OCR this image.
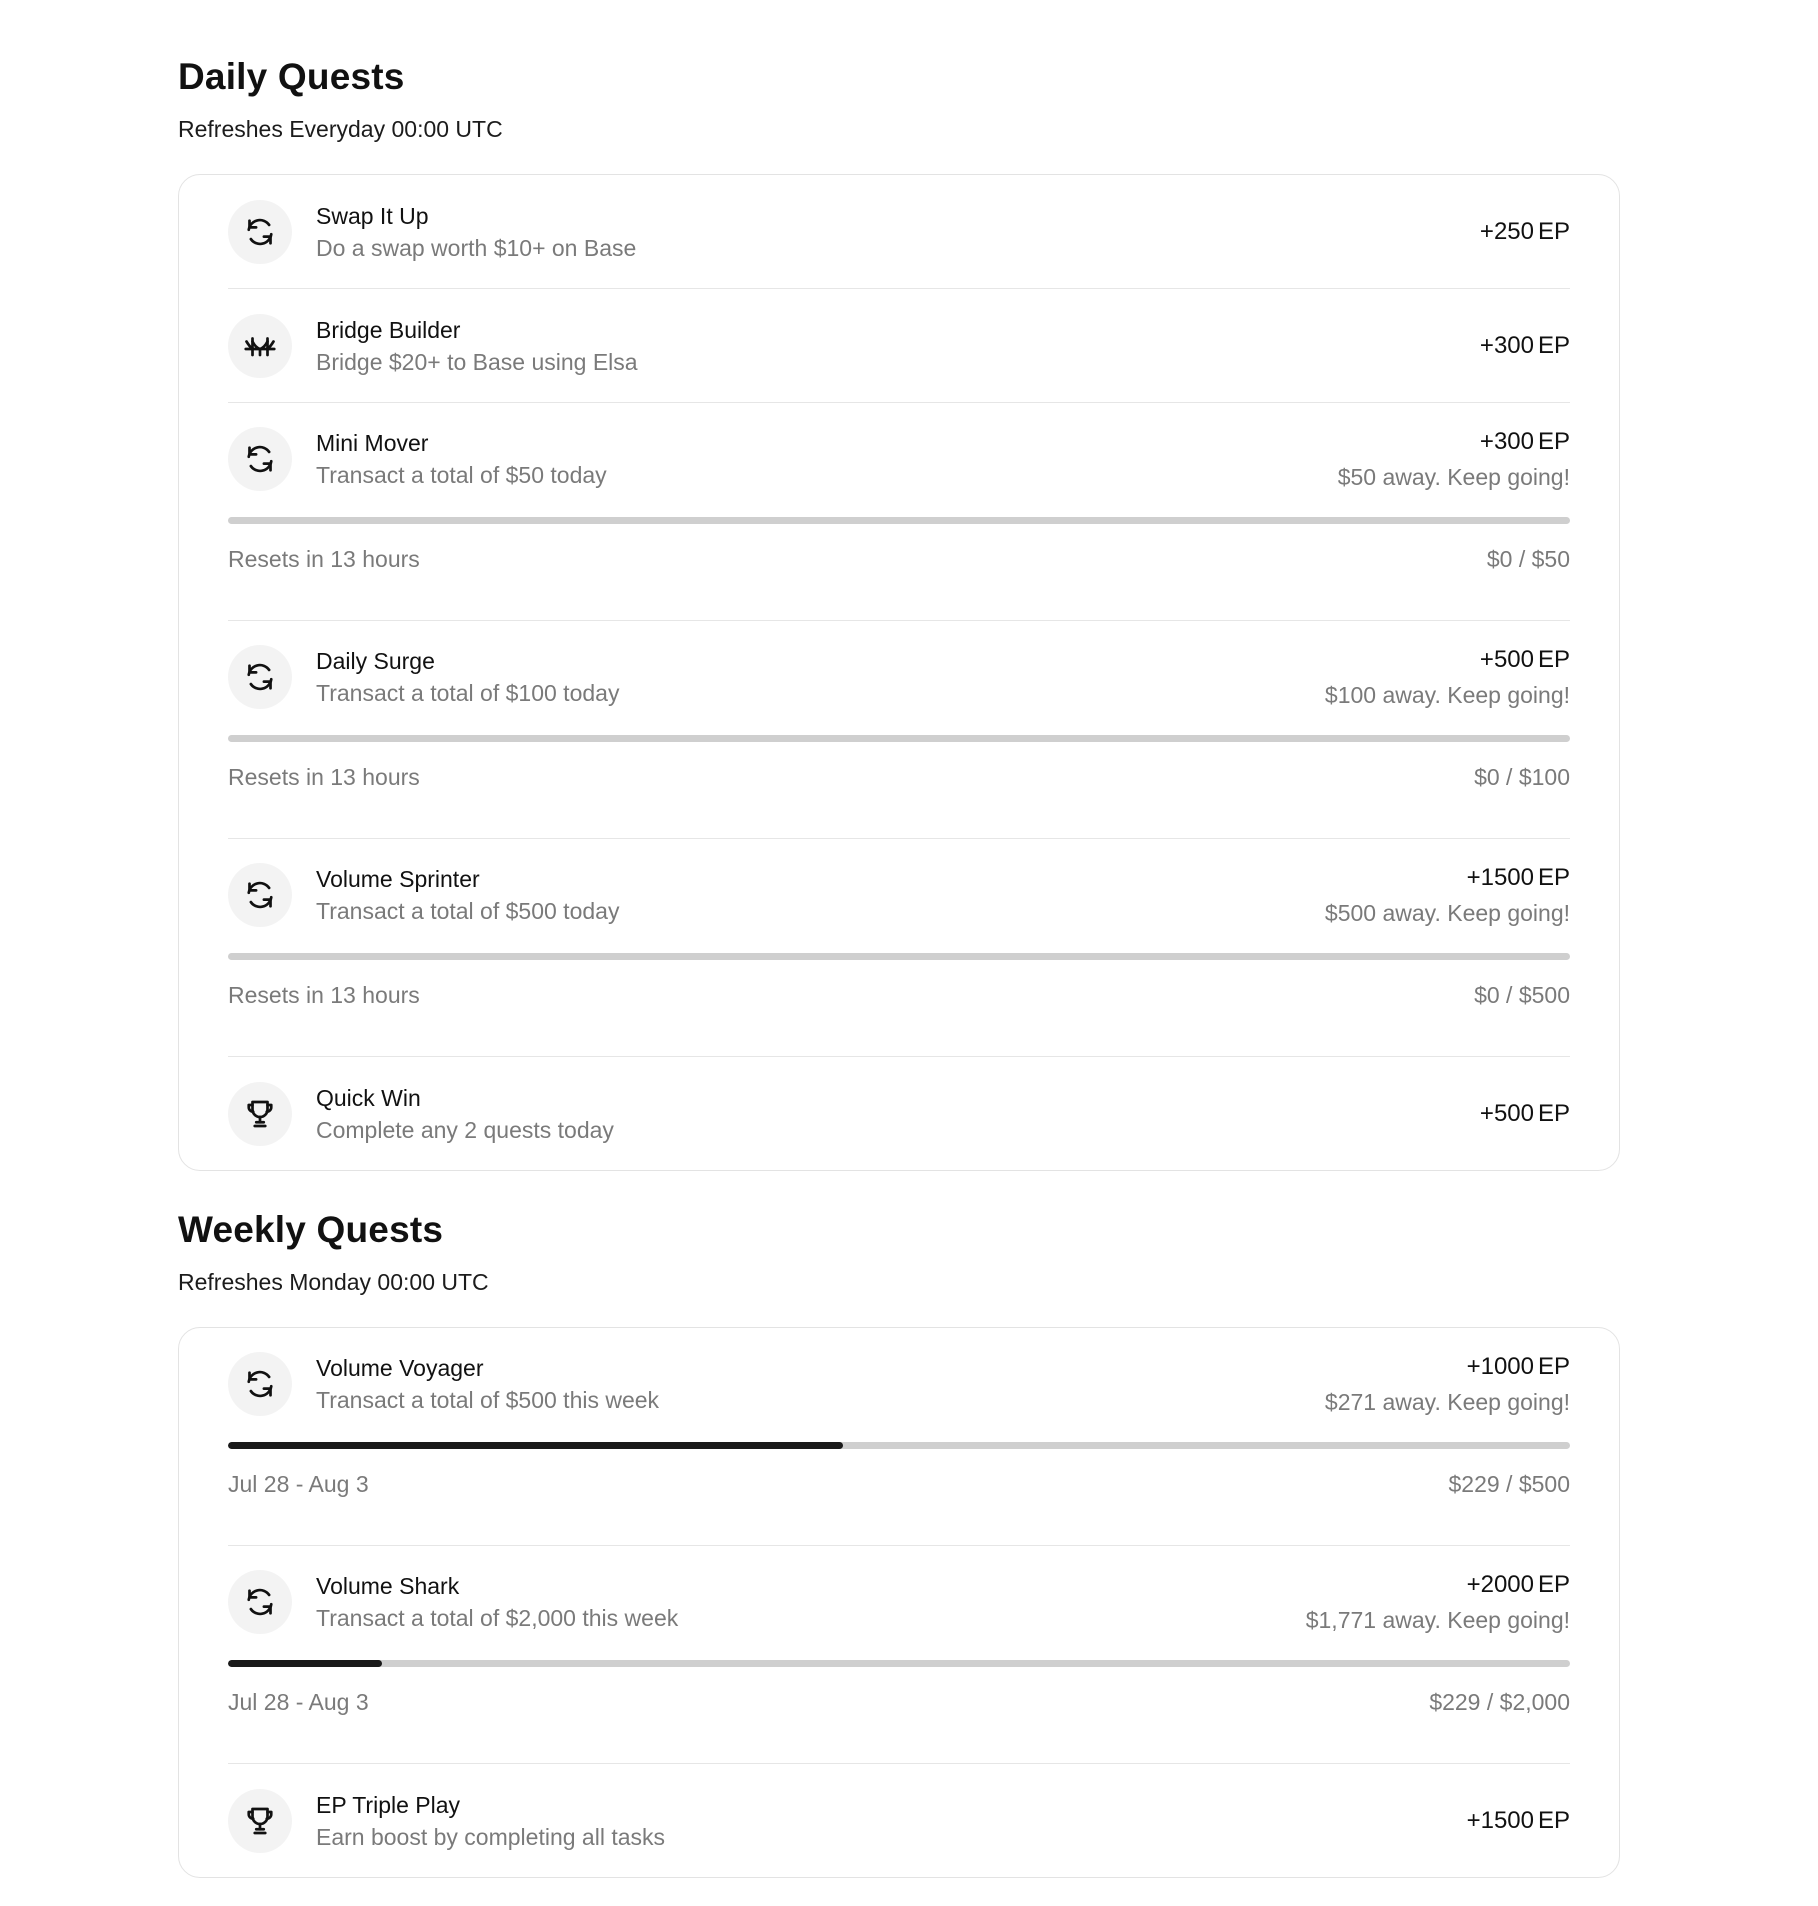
Daily Quests
Refreshes Everyday 00:00 UTC
Swap It Up
Do a swap worth $10+ on Base
+250 EP
Bridge Builder
Bridge $20+ to Base using Elsa
+300 EP
Mini Mover
Transact a total of $50 today
+300 EP
$50 away. Keep going!
Resets in 13 hours	$0 / $50
Daily Surge
Transact a total of $100 today
+500 EP
$100 away. Keep going!
Resets in 13 hours	$0 / $100
Volume Sprinter
Transact a total of $500 today
+1500 EP
$500 away. Keep going!
Resets in 13 hours	$0 / $500
Quick Win
Complete any 2 quests today
+500 EP
Weekly Quests
Refreshes Monday 00:00 UTC
Volume Voyager
Transact a total of $500 this week
+1000 EP
$271 away. Keep going!
Jul 28 - Aug 3	$229 / $500
Volume Shark
Transact a total of $2,000 this week
+2000 EP
$1,771 away. Keep going!
Jul 28 - Aug 3	$229 / $2,000
EP Triple Play
Earn boost by completing all tasks
+1500 EP
